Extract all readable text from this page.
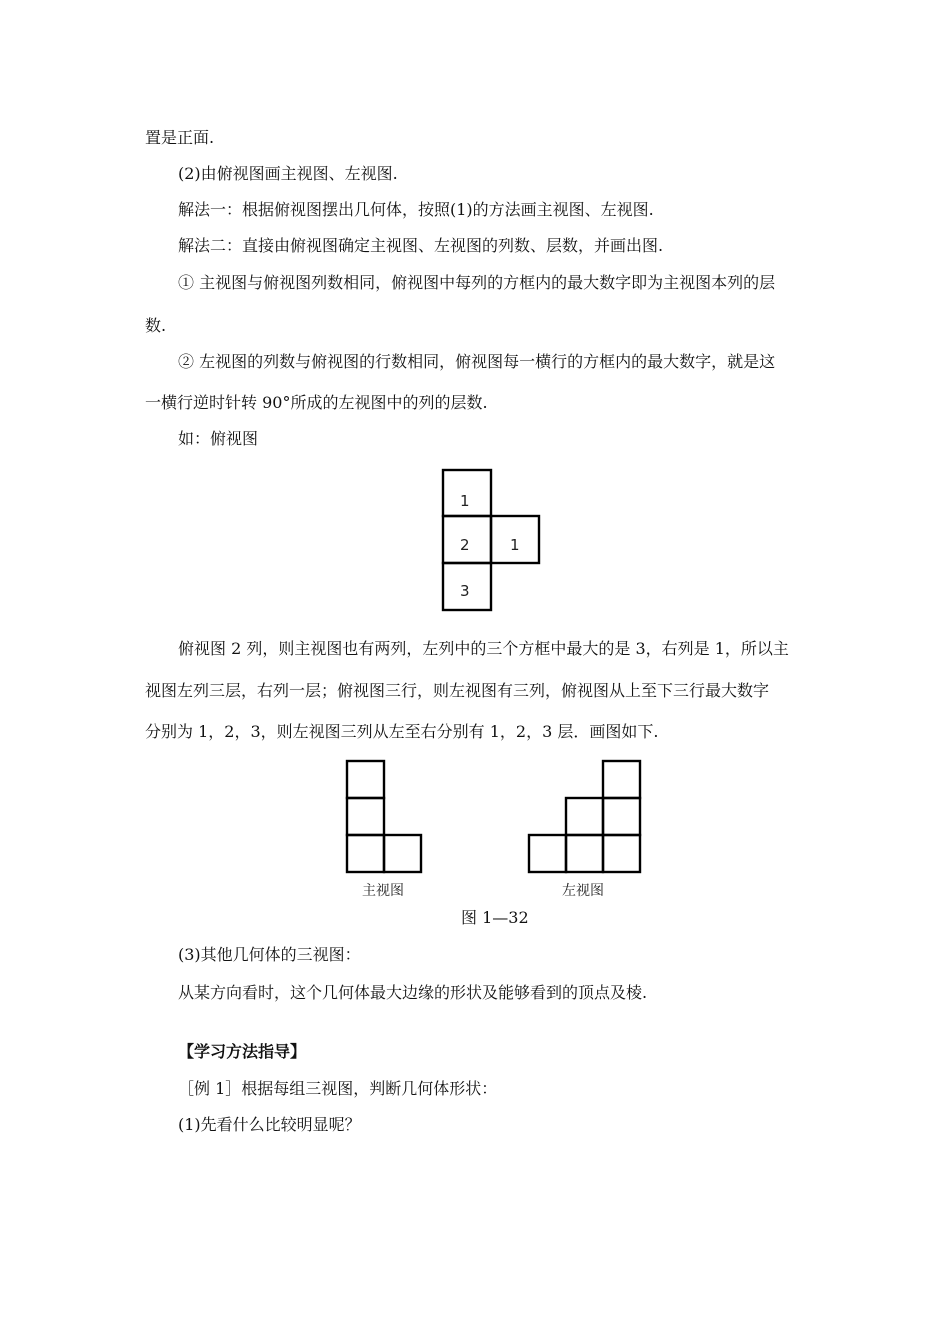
置是正面.
(2)由俯视图画主视图、左视图.
解法一：根据俯视图摆出几何体，按照(1)的方法画主视图、左视图.
解法二：直接由俯视图确定主视图、左视图的列数、层数，并画出图.
① 主视图与俯视图列数相同，俯视图中每列的方框内的最大数字即为主视图本列的层
数.
② 左视图的列数与俯视图的行数相同，俯视图每一横行的方框内的最大数字，就是这
一横行逆时针转 90°所成的左视图中的列的层数.
如：俯视图
1
2	1
3
俯视图 2 列，则主视图也有两列，左列中的三个方框中最大的是 3，右列是 1，所以主
视图左列三层，右列一层；俯视图三行，则左视图有三列，俯视图从上至下三行最大数字
分别为 1，2，3，则左视图三列从左至右分别有 1，2，3 层．画图如下.
主视图	左视图
图 1—32
(3)其他几何体的三视图：
从某方向看时，这个几何体最大边缘的形状及能够看到的顶点及棱.
【学习方法指导】
［例 1］根据每组三视图，判断几何体形状：
(1)先看什么比较明显呢？
